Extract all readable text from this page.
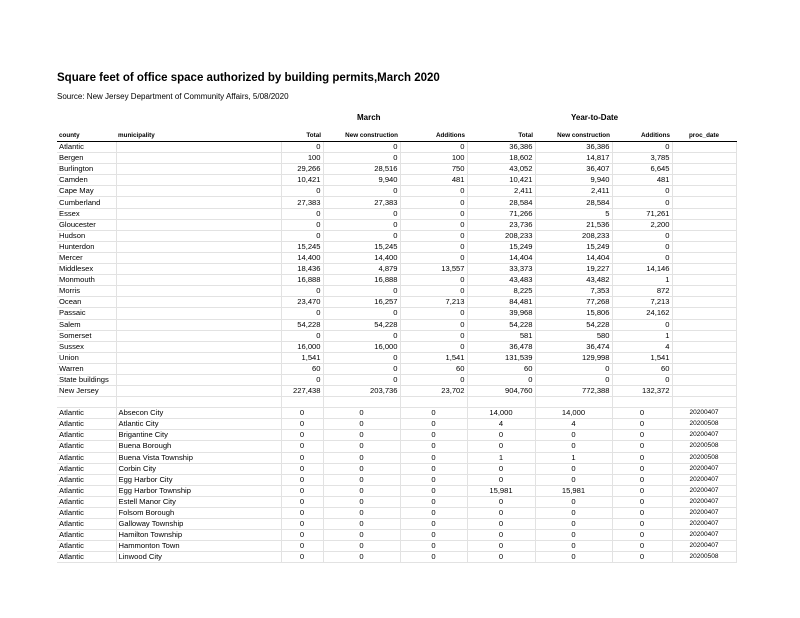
Square feet of office space authorized by building permits,March 2020
Source: New Jersey Department of Community Affairs, 5/08/2020
March	Year-to-Date
county	municipality	Total	New construction	Additions	Total	New construction	Additions	proc_date
Atlantic		0	0	0	36,386	36,386	0	
Bergen		100	0	100	18,602	14,817	3,785	
Burlington		29,266	28,516	750	43,052	36,407	6,645	
Camden		10,421	9,940	481	10,421	9,940	481	
Cape May		0	0	0	2,411	2,411	0	
Cumberland		27,383	27,383	0	28,584	28,584	0	
Essex		0	0	0	71,266	5	71,261	
Gloucester		0	0	0	23,736	21,536	2,200	
Hudson		0	0	0	208,233	208,233	0	
Hunterdon		15,245	15,245	0	15,249	15,249	0	
Mercer		14,400	14,400	0	14,404	14,404	0	
Middlesex		18,436	4,879	13,557	33,373	19,227	14,146	
Monmouth		16,888	16,888	0	43,483	43,482	1	
Morris		0	0	0	8,225	7,353	872	
Ocean		23,470	16,257	7,213	84,481	77,268	7,213	
Passaic		0	0	0	39,968	15,806	24,162	
Salem		54,228	54,228	0	54,228	54,228	0	
Somerset		0	0	0	581	580	1	
Sussex		16,000	16,000	0	36,478	36,474	4	
Union		1,541	0	1,541	131,539	129,998	1,541	
Warren		60	0	60	60	0	60	
State buildings		0	0	0	0	0	0	
New Jersey		227,438	203,736	23,702	904,760	772,388	132,372	

Atlantic	Absecon City	0	0	0	14,000	14,000	0	20200407
Atlantic	Atlantic City	0	0	0	4	4	0	20200508
Atlantic	Brigantine City	0	0	0	0	0	0	20200407
Atlantic	Buena Borough	0	0	0	0	0	0	20200508
Atlantic	Buena Vista Township	0	0	0	1	1	0	20200508
Atlantic	Corbin City	0	0	0	0	0	0	20200407
Atlantic	Egg Harbor City	0	0	0	0	0	0	20200407
Atlantic	Egg Harbor Township	0	0	0	15,981	15,981	0	20200407
Atlantic	Estell Manor City	0	0	0	0	0	0	20200407
Atlantic	Folsom Borough	0	0	0	0	0	0	20200407
Atlantic	Galloway Township	0	0	0	0	0	0	20200407
Atlantic	Hamilton Township	0	0	0	0	0	0	20200407
Atlantic	Hammonton Town	0	0	0	0	0	0	20200407
Atlantic	Linwood City	0	0	0	0	0	0	20200508
